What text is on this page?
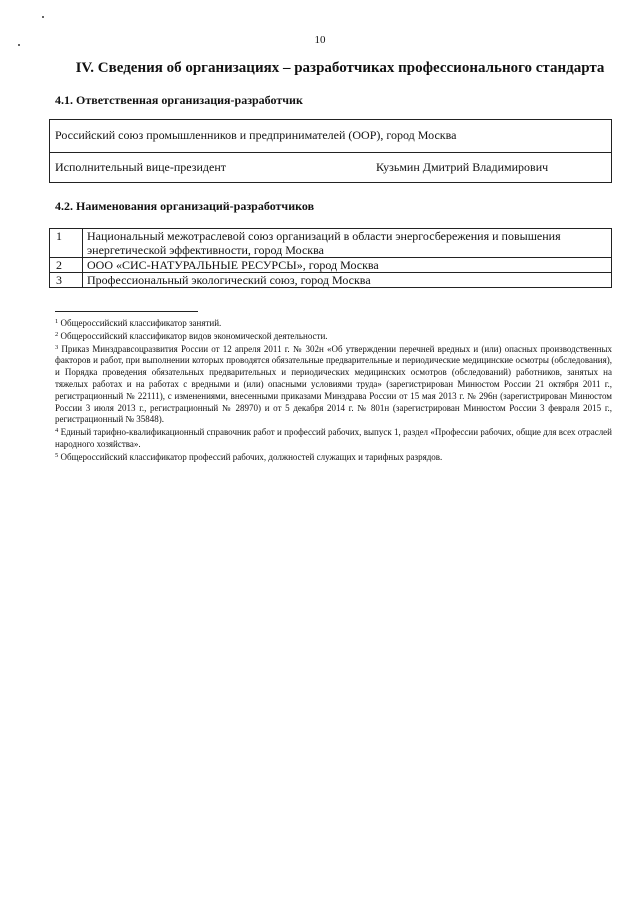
10
IV. Сведения об организациях – разработчиках профессионального стандарта
4.1. Ответственная организация-разработчик
Российский союз промышленников и предпринимателей (ООР), город Москва
Исполнительный вице-президент	Кузьмин Дмитрий Владимирович
4.2. Наименования организаций-разработчиков
1	Национальный межотраслевой союз организаций в области энергосбережения и повышения энергетической эффективности, город Москва
2	ООО «СИС-НАТУРАЛЬНЫЕ РЕСУРСЫ», город Москва
3	Профессиональный экологический союз, город Москва

$^1$ Общероссийский классификатор занятий.

$^2$ Общероссийский классификатор видов экономической деятельности.

$^3$ Приказ Минздравсоцразвития России от 12 апреля 2011 г. № 302н «Об утверждении перечней вредных и (или) опасных производственных факторов и работ, при выполнении которых проводятся обязательные предварительные и периодические медицинские осмотры (обследования), и Порядка проведения обязательных предварительных и периодических медицинских осмотров (обследований) работников, занятых на тяжелых работах и на работах с вредными и (или) опасными условиями труда» (зарегистрирован Минюстом России 21 октября 2011 г., регистрационный № 22111), с изменениями, внесенными приказами Минздрава России от 15 мая 2013 г. № 296н (зарегистрирован Минюстом России 3 июля 2013 г., регистрационный № 28970) и от 5 декабря 2014 г. № 801н (зарегистрирован Минюстом России 3 февраля 2015 г., регистрационный № 35848).

$^4$ Единый тарифно-квалификационный справочник работ и профессий рабочих, выпуск 1, раздел «Профессии рабочих, общие для всех отраслей народного хозяйства».

$^5$ Общероссийский классификатор профессий рабочих, должностей служащих и тарифных разрядов.
